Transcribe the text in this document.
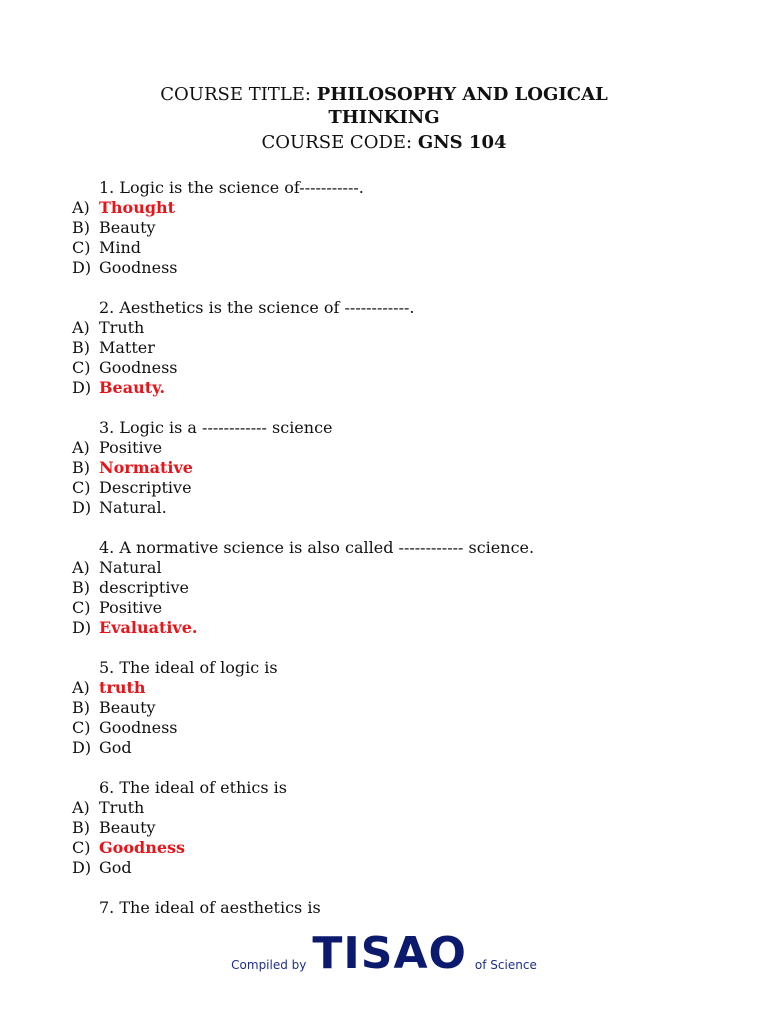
COURSE TITLE: PHILOSOPHY AND LOGICAL
THINKING
COURSE CODE: GNS 104
1. Logic is the science of-----------.
A) Thought
B) Beauty
C) Mind
D) Goodness
2. Aesthetics is the science of ------------.
A) Truth
B) Matter
C) Goodness
D) Beauty.
3. Logic is a ------------ science
A) Positive
B) Normative
C) Descriptive
D) Natural.
4. A normative science is also called ------------ science.
A) Natural
B) descriptive
C) Positive
D) Evaluative.
5. The ideal of logic is
A) truth
B) Beauty
C) Goodness
D) God
6. The ideal of ethics is
A) Truth
B) Beauty
C) Goodness
D) God
7. The ideal of aesthetics is
Compiled by TISAO of Science
